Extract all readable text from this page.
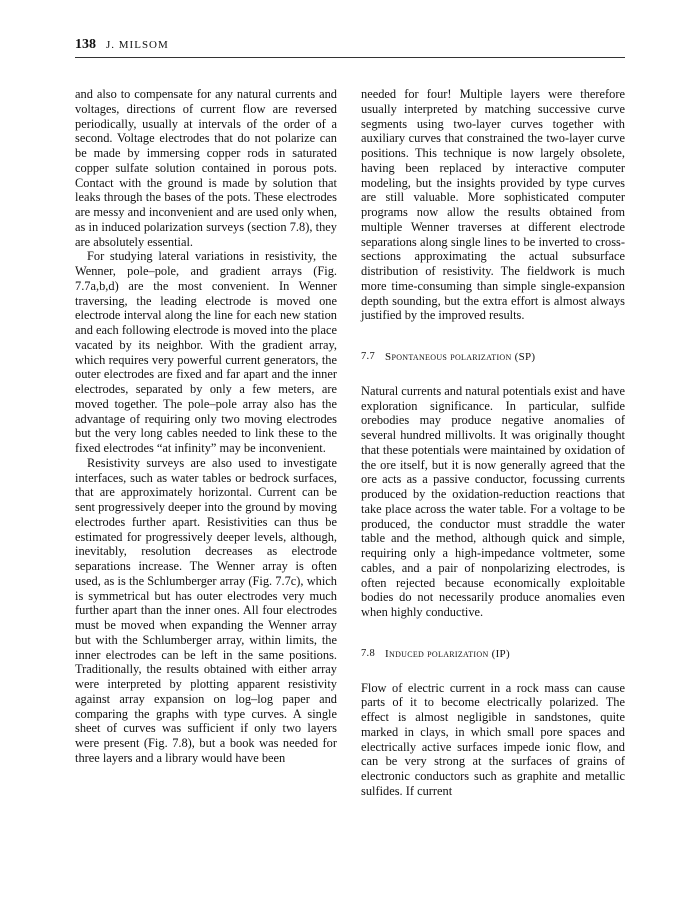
138 J. MILSOM

and also to compensate for any natural currents and voltages, directions of current flow are reversed periodically, usually at intervals of the order of a second. Voltage electrodes that do not polarize can be made by immersing copper rods in saturated copper sulfate solution contained in porous pots. Contact with the ground is made by solution that leaks through the bases of the pots. These electrodes are messy and inconvenient and are used only when, as in induced polarization surveys (section 7.8), they are absolutely essential.

For studying lateral variations in resistivity, the Wenner, pole–pole, and gradient arrays (Fig. 7.7a,b,d) are the most convenient. In Wenner traversing, the leading electrode is moved one electrode interval along the line for each new station and each following electrode is moved into the place vacated by its neighbor. With the gradient array, which requires very powerful current generators, the outer electrodes are fixed and far apart and the inner electrodes, separated by only a few meters, are moved together. The pole–pole array also has the advantage of requiring only two moving electrodes but the very long cables needed to link these to the fixed electrodes “at infinity” may be inconvenient.

Resistivity surveys are also used to investigate interfaces, such as water tables or bedrock surfaces, that are approximately horizontal. Current can be sent progressively deeper into the ground by moving electrodes further apart. Resistivities can thus be estimated for progressively deeper levels, although, inevitably, resolution decreases as electrode separations increase. The Wenner array is often used, as is the Schlumberger array (Fig. 7.7c), which is symmetrical but has outer electrodes very much further apart than the inner ones. All four electrodes must be moved when expanding the Wenner array but with the Schlumberger array, within limits, the inner electrodes can be left in the same positions. Traditionally, the results obtained with either array were interpreted by plotting apparent resistivity against array expansion on log–log paper and comparing the graphs with type curves. A single sheet of curves was sufficient if only two layers were present (Fig. 7.8), but a book was needed for three layers and a library would have been

needed for four! Multiple layers were therefore usually interpreted by matching successive curve segments using two-layer curves together with auxiliary curves that constrained the two-layer curve positions. This technique is now largely obsolete, having been replaced by interactive computer modeling, but the insights provided by type curves are still valuable. More sophisticated computer programs now allow the results obtained from multiple Wenner traverses at different electrode separations along single lines to be inverted to cross-sections approximating the actual subsurface distribution of resistivity. The fieldwork is much more time-consuming than simple single-expansion depth sounding, but the extra effort is almost always justified by the improved results.

7.7 Spontaneous polarization (SP)

Natural currents and natural potentials exist and have exploration significance. In particular, sulfide orebodies may produce negative anomalies of several hundred millivolts. It was originally thought that these potentials were maintained by oxidation of the ore itself, but it is now generally agreed that the ore acts as a passive conductor, focussing currents produced by the oxidation-reduction reactions that take place across the water table. For a voltage to be produced, the conductor must straddle the water table and the method, although quick and simple, requiring only a high-impedance voltmeter, some cables, and a pair of nonpolarizing electrodes, is often rejected because economically exploitable bodies do not necessarily produce anomalies even when highly conductive.

7.8 Induced polarization (IP)

Flow of electric current in a rock mass can cause parts of it to become electrically polarized. The effect is almost negligible in sandstones, quite marked in clays, in which small pore spaces and electrically active surfaces impede ionic flow, and can be very strong at the surfaces of grains of electronic conductors such as graphite and metallic sulfides. If current
